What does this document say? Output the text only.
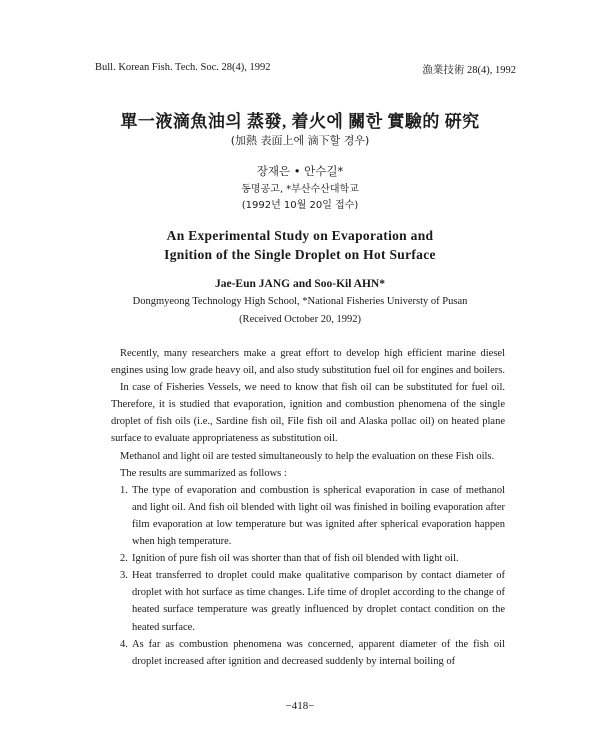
Bull. Korean Fish. Tech. Soc. 28(4), 1992	漁業技術 28(4), 1992
單一液滴魚油의 蒸發, 着火에 關한 實驗的 硏究
(加熱 表面上에 滴下할 경우)
장재은 • 안수길*
동명공고, *부산수산대학교
(1992년 10월 20일 접수)
An Experimental Study on Evaporation and
Ignition of the Single Droplet on Hot Surface
Jae-Eun JANG and Soo-Kil AHN*
Dongmyeong Technology High School, *National Fisheries Universty of Pusan
(Received October 20, 1992)

Recently, many researchers make a great effort to develop high efficient marine diesel engines using low grade heavy oil, and also study substitution fuel oil for engines and boilers.

In case of Fisheries Vessels, we need to know that fish oil can be substituted for fuel oil. Therefore, it is studied that evaporation, ignition and combustion phenomena of the single droplet of fish oils (i.e., Sardine fish oil, File fish oil and Alaska pollac oil) on heated plane surface to evaluate appropriateness as substitution oil.

Methanol and light oil are tested simultaneously to help the evaluation on these Fish oils.

The results are summarized as follows :

1. The type of evaporation and combustion is spherical evaporation in case of methanol and light oil. And fish oil blended with light oil was finished in boiling evaporation after film evaporation at low temperature but was ignited after spherical evaporation happen when high temperature.
2. Ignition of pure fish oil was shorter than that of fish oil blended with light oil.
3. Heat transferred to droplet could make qualitative comparison by contact diameter of droplet with hot surface as time changes. Life time of droplet according to the change of heated surface temperature was greatly influenced by droplet contact condition on the heated surface.
4. As far as combustion phenomena was concerned, apparent diameter of the fish oil droplet increased after ignition and decreased suddenly by internal boiling of
−418−
